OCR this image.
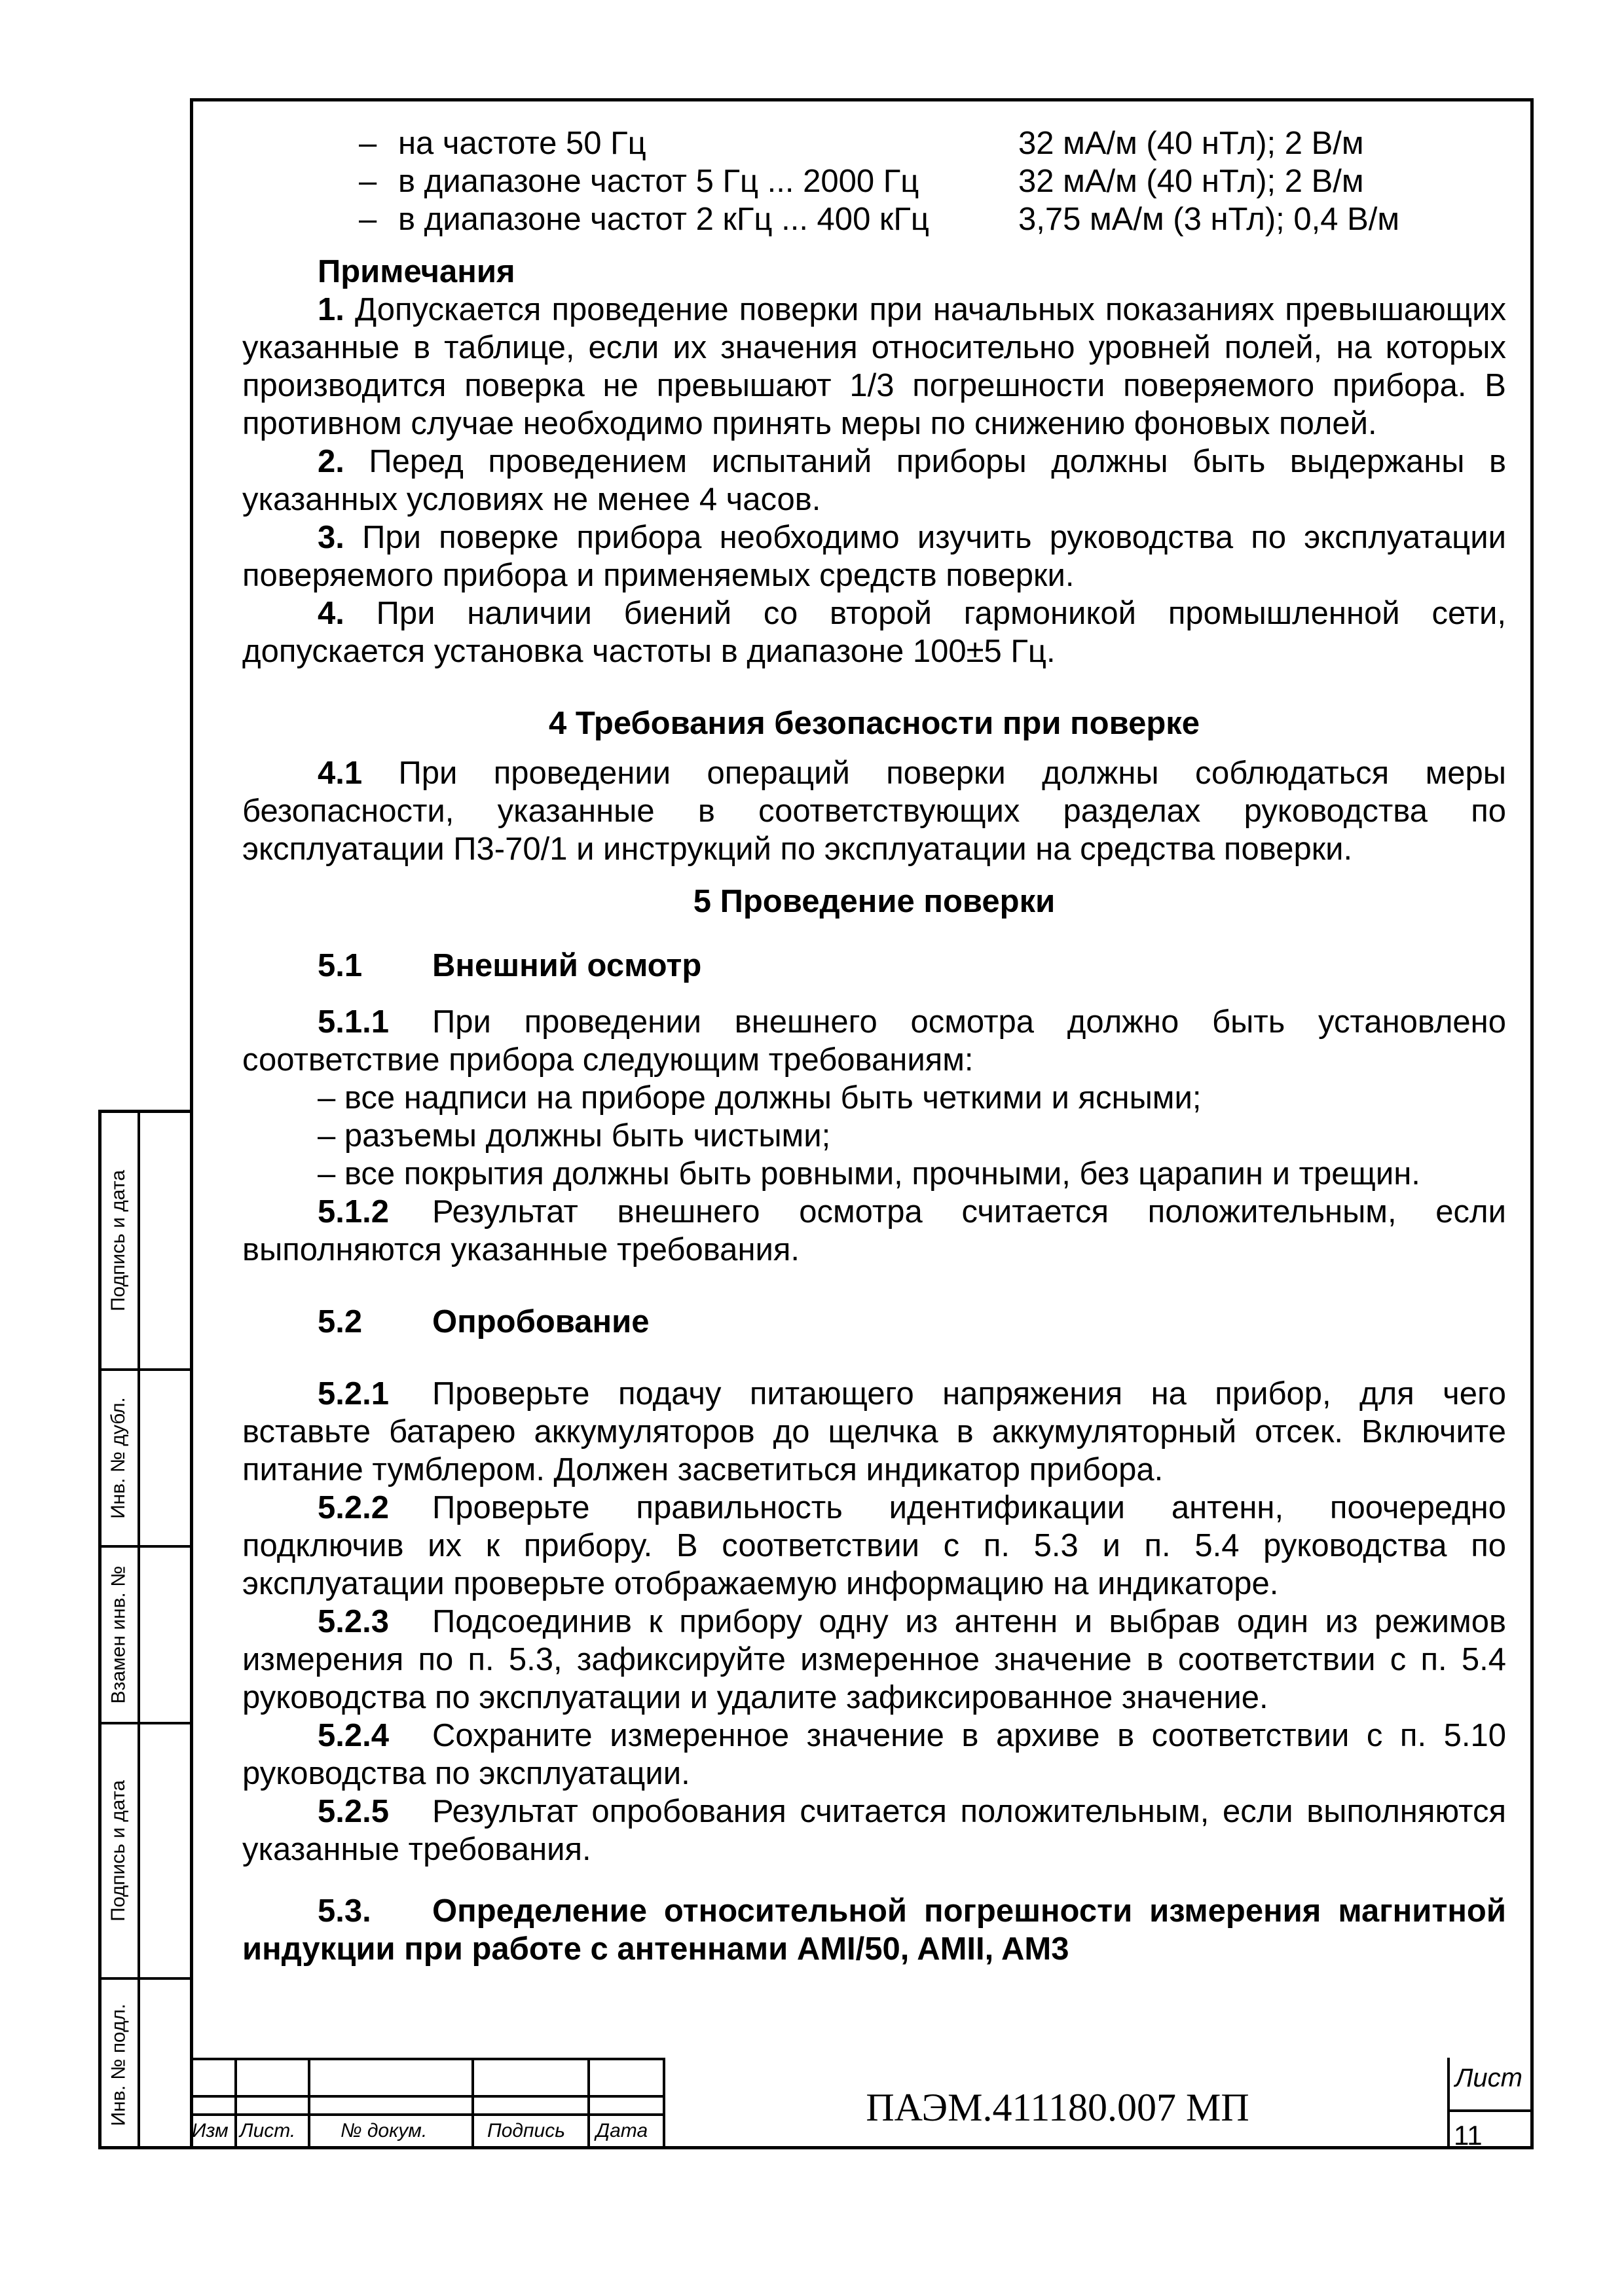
– на частоте 50 Гц	32 мА/м (40 нТл); 2 В/м
– в диапазоне частот 5 Гц ... 2000 Гц	32 мА/м (40 нТл); 2 В/м
– в диапазоне частот 2 кГц ... 400 кГц	3,75 мА/м (3 нТл); 0,4 В/м

Примечания

1. Допускается проведение поверки при начальных показаниях превышающих указанные в таблице, если их значения относительно уровней полей, на которых производится поверка не превышают 1/3 погрешности поверяемого прибора. В противном случае необходимо принять меры по снижению фоновых полей.

2. Перед проведением испытаний приборы должны быть выдержаны в указанных условиях не менее 4 часов.

3. При поверке прибора необходимо изучить руководства по эксплуатации поверяемого прибора и применяемых средств поверки.

4. При наличии биений со второй гармоникой промышленной сети, допускается установка частоты в диапазоне 100±5 Гц.

4 Требования безопасности при поверке

4.1 При проведении операций поверки должны соблюдаться меры безопасности, указанные в соответствующих разделах руководства по эксплуатации П3-70/1 и инструкций по эксплуатации на средства поверки.

5 Проведение поверки

5.1	Внешний осмотр

5.1.1 При проведении внешнего осмотра должно быть установлено соответствие прибора следующим требованиям:

– все надписи на приборе должны быть четкими и ясными;

– разъемы должны быть чистыми;

– все покрытия должны быть ровными, прочными, без царапин и трещин.

5.1.2 Результат внешнего осмотра считается положительным, если выполняются указанные требования.

5.2	Опробование

5.2.1 Проверьте подачу питающего напряжения на прибор, для чего вставьте батарею аккумуляторов до щелчка в аккумуляторный отсек. Включите питание тумблером. Должен засветиться индикатор прибора.

5.2.2 Проверьте правильность идентификации антенн, поочередно подключив их к прибору. В соответствии с п. 5.3 и п. 5.4 руководства по эксплуатации проверьте отображаемую информацию на индикаторе.

5.2.3 Подсоединив к прибору одну из антенн и выбрав один из режимов измерения по п. 5.3, зафиксируйте измеренное значение в соответствии с п. 5.4 руководства по эксплуатации и удалите зафиксированное значение.

5.2.4 Сохраните измеренное значение в архиве в соответствии с п. 5.10 руководства по эксплуатации.

5.2.5 Результат опробования считается положительным, если выполняются указанные требования.

5.3. Определение относительной погрешности измерения магнитной индукции при работе с антеннами AMI/50, AMII, AM3

Подпись и дата
Инв. № дубл.
Взамен инв. №
Подпись и дата
Инв. № подл.
Изм Лист. № докум.	Подпись Дата
ПАЭМ.411180.007 МП
Лист
11
